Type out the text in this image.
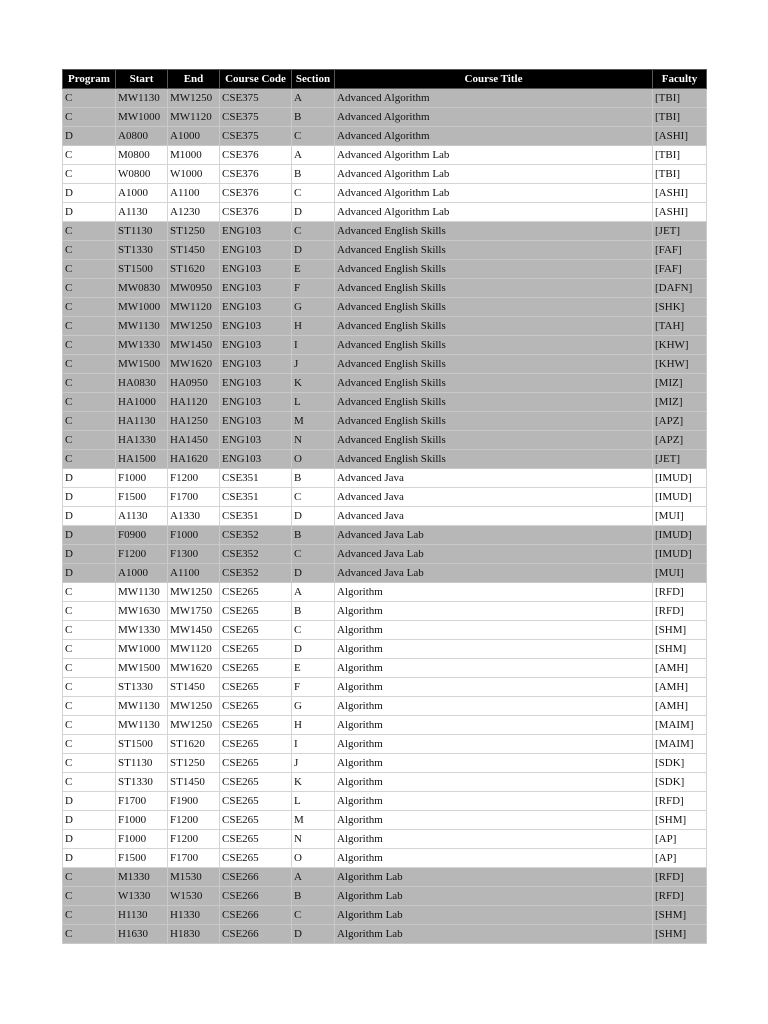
Program	Start	End	Course Code	Section	Course Title	Faculty
C	MW1130	MW1250	CSE375	A	Advanced Algorithm	[TBI]
C	MW1000	MW1120	CSE375	B	Advanced Algorithm	[TBI]
D	A0800	A1000	CSE375	C	Advanced Algorithm	[ASHI]
C	M0800	M1000	CSE376	A	Advanced Algorithm Lab	[TBI]
C	W0800	W1000	CSE376	B	Advanced Algorithm Lab	[TBI]
D	A1000	A1100	CSE376	C	Advanced Algorithm Lab	[ASHI]
D	A1130	A1230	CSE376	D	Advanced Algorithm Lab	[ASHI]
C	ST1130	ST1250	ENG103	C	Advanced English Skills	[JET]
C	ST1330	ST1450	ENG103	D	Advanced English Skills	[FAF]
C	ST1500	ST1620	ENG103	E	Advanced English Skills	[FAF]
C	MW0830	MW0950	ENG103	F	Advanced English Skills	[DAFN]
C	MW1000	MW1120	ENG103	G	Advanced English Skills	[SHK]
C	MW1130	MW1250	ENG103	H	Advanced English Skills	[TAH]
C	MW1330	MW1450	ENG103	I	Advanced English Skills	[KHW]
C	MW1500	MW1620	ENG103	J	Advanced English Skills	[KHW]
C	HA0830	HA0950	ENG103	K	Advanced English Skills	[MIZ]
C	HA1000	HA1120	ENG103	L	Advanced English Skills	[MIZ]
C	HA1130	HA1250	ENG103	M	Advanced English Skills	[APZ]
C	HA1330	HA1450	ENG103	N	Advanced English Skills	[APZ]
C	HA1500	HA1620	ENG103	O	Advanced English Skills	[JET]
D	F1000	F1200	CSE351	B	Advanced Java	[IMUD]
D	F1500	F1700	CSE351	C	Advanced Java	[IMUD]
D	A1130	A1330	CSE351	D	Advanced Java	[MUI]
D	F0900	F1000	CSE352	B	Advanced Java Lab	[IMUD]
D	F1200	F1300	CSE352	C	Advanced Java Lab	[IMUD]
D	A1000	A1100	CSE352	D	Advanced Java Lab	[MUI]
C	MW1130	MW1250	CSE265	A	Algorithm	[RFD]
C	MW1630	MW1750	CSE265	B	Algorithm	[RFD]
C	MW1330	MW1450	CSE265	C	Algorithm	[SHM]
C	MW1000	MW1120	CSE265	D	Algorithm	[SHM]
C	MW1500	MW1620	CSE265	E	Algorithm	[AMH]
C	ST1330	ST1450	CSE265	F	Algorithm	[AMH]
C	MW1130	MW1250	CSE265	G	Algorithm	[AMH]
C	MW1130	MW1250	CSE265	H	Algorithm	[MAIM]
C	ST1500	ST1620	CSE265	I	Algorithm	[MAIM]
C	ST1130	ST1250	CSE265	J	Algorithm	[SDK]
C	ST1330	ST1450	CSE265	K	Algorithm	[SDK]
D	F1700	F1900	CSE265	L	Algorithm	[RFD]
D	F1000	F1200	CSE265	M	Algorithm	[SHM]
D	F1000	F1200	CSE265	N	Algorithm	[AP]
D	F1500	F1700	CSE265	O	Algorithm	[AP]
C	M1330	M1530	CSE266	A	Algorithm Lab	[RFD]
C	W1330	W1530	CSE266	B	Algorithm Lab	[RFD]
C	H1130	H1330	CSE266	C	Algorithm Lab	[SHM]
C	H1630	H1830	CSE266	D	Algorithm Lab	[SHM]
